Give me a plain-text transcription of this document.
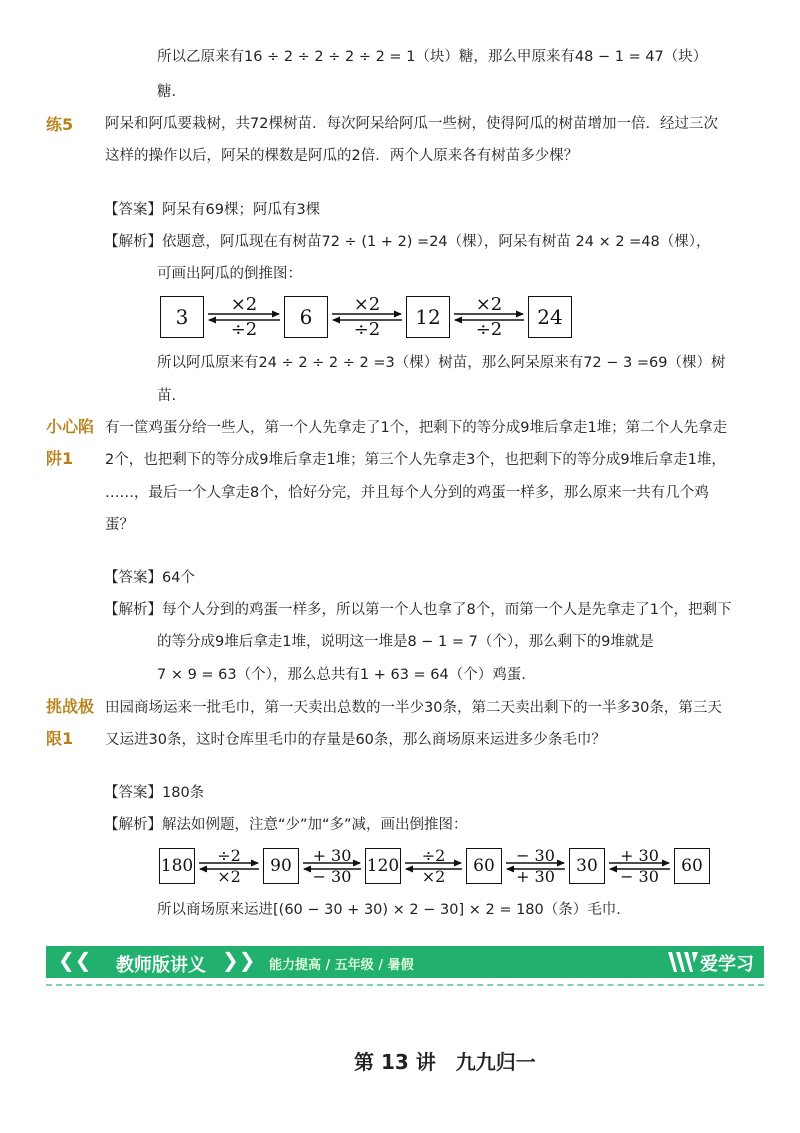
所以乙原来有16 ÷ 2 ÷ 2 ÷ 2 ÷ 2 = 1（块）糖，那么甲原来有48 − 1 = 47（块）
糖.
练5 阿呆和阿瓜要栽树，共72棵树苗．每次阿呆给阿瓜一些树，使得阿瓜的树苗增加一倍．经过三次
这样的操作以后，阿呆的棵数是阿瓜的2倍．两个人原来各有树苗多少棵？
【答案】阿呆有69棵；阿瓜有3棵
【解析】依题意，阿瓜现在有树苗72 ÷ (1 + 2) =24（棵），阿呆有树苗 24 × 2 =48（棵），
可画出阿瓜的倒推图：
3	6	12	24
×2
÷2
×2
÷2
×2
÷2
所以阿瓜原来有24 ÷ 2 ÷ 2 ÷ 2 =3（棵）树苗，那么阿呆原来有72 − 3 =69（棵）树
苗.
小心陷
阱1
有一筐鸡蛋分给一些人，第一个人先拿走了1个，把剩下的等分成9堆后拿走1堆；第二个人先拿走
2个，也把剩下的等分成9堆后拿走1堆；第三个人先拿走3个，也把剩下的等分成9堆后拿走1堆，
……，最后一个人拿走8个，恰好分完，并且每个人分到的鸡蛋一样多，那么原来一共有几个鸡
蛋？
【答案】64个
【解析】每个人分到的鸡蛋一样多，所以第一个人也拿了8个，而第一个人是先拿走了1个，把剩下
的等分成9堆后拿走1堆，说明这一堆是8 − 1 = 7（个），那么剩下的9堆就是
7 × 9 = 63（个），那么总共有1 + 63 = 64（个）鸡蛋.
挑战极
限1
田园商场运来一批毛巾，第一天卖出总数的一半少30条，第二天卖出剩下的一半多30条，第三天
又运进30条，这时仓库里毛巾的存量是60条，那么商场原来运进多少条毛巾？
【答案】180条
【解析】解法如例题，注意“少”加“多”减，画出倒推图：
180	90	120	60	30	60
÷2
×2
+ 30
− 30
÷2
×2
− 30
+ 30
+ 30
− 30
所以商场原来运进[(60 − 30 + 30) × 2 − 30] × 2 = 180（条）毛巾.
❮❮ 教师版讲义 ❯❯ 能力提高 / 五年级 / 暑假	爱学习
第 13 讲　九九归一
